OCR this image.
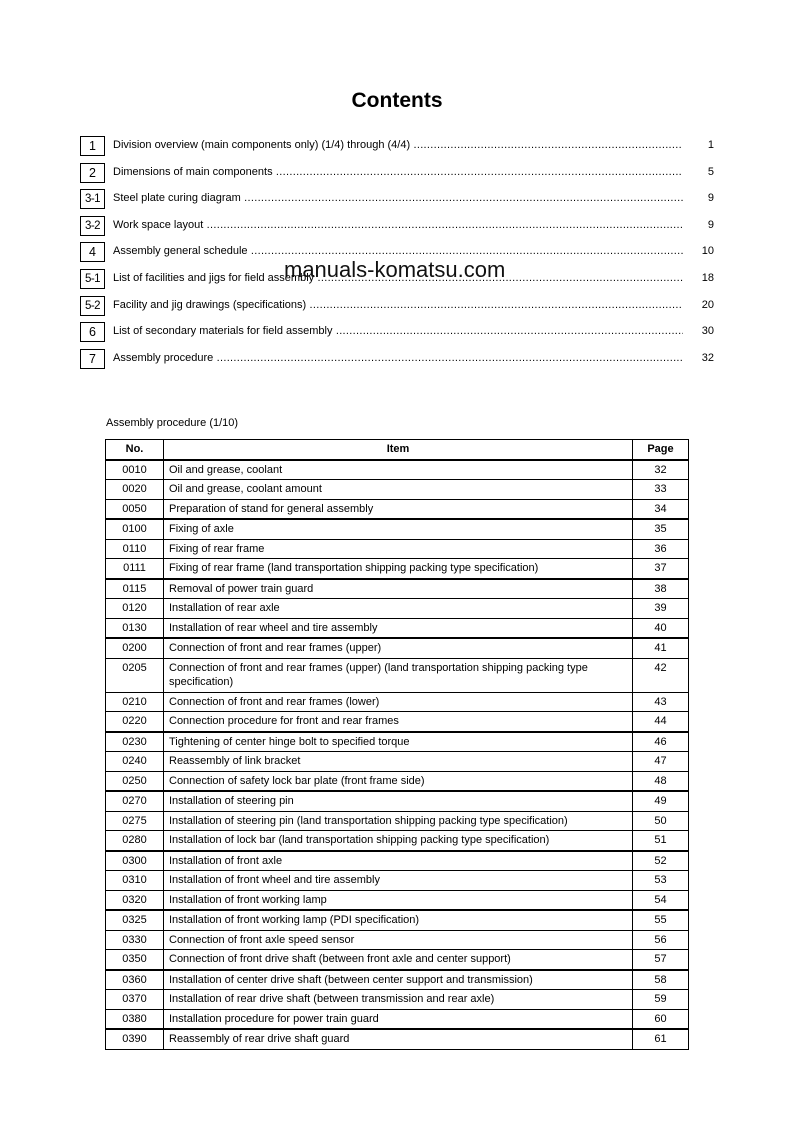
Contents
1	Division overview (main components only) (1/4) through (4/4) .....	1
2	Dimensions of main components .....	5
3-1	Steel plate curing diagram .....	9
3-2	Work space layout .....	9
4	Assembly general schedule .....	10
5-1	List of facilities and jigs for field assembly .....	18
5-2	Facility and jig drawings (specifications) .....	20
6	List of secondary materials for field assembly .....	30
7	Assembly procedure .....	32
manuals-komatsu.com
Assembly procedure (1/10)
No.	Item	Page
0010	Oil and grease, coolant	32
0020	Oil and grease, coolant amount	33
0050	Preparation of stand for general assembly	34
0100	Fixing of axle	35
0110	Fixing of rear frame	36
0111	Fixing of rear frame (land transportation shipping packing type specification)	37
0115	Removal of power train guard	38
0120	Installation of rear axle	39
0130	Installation of rear wheel and tire assembly	40
0200	Connection of front and rear frames (upper)	41
0205	Connection of front and rear frames (upper) (land transportation shipping packing type specification)	42
0210	Connection of front and rear frames (lower)	43
0220	Connection procedure for front and rear frames	44
0230	Tightening of center hinge bolt to specified torque	46
0240	Reassembly of link bracket	47
0250	Connection of safety lock bar plate (front frame side)	48
0270	Installation of steering pin	49
0275	Installation of steering pin (land transportation shipping packing type specification)	50
0280	Installation of lock bar (land transportation shipping packing type specification)	51
0300	Installation of front axle	52
0310	Installation of front wheel and tire assembly	53
0320	Installation of front working lamp	54
0325	Installation of front working lamp (PDI specification)	55
0330	Connection of front axle speed sensor	56
0350	Connection of front drive shaft (between front axle and center support)	57
0360	Installation of center drive shaft (between center support and transmission)	58
0370	Installation of rear drive shaft (between transmission and rear axle)	59
0380	Installation procedure for power train guard	60
0390	Reassembly of rear drive shaft guard	61
